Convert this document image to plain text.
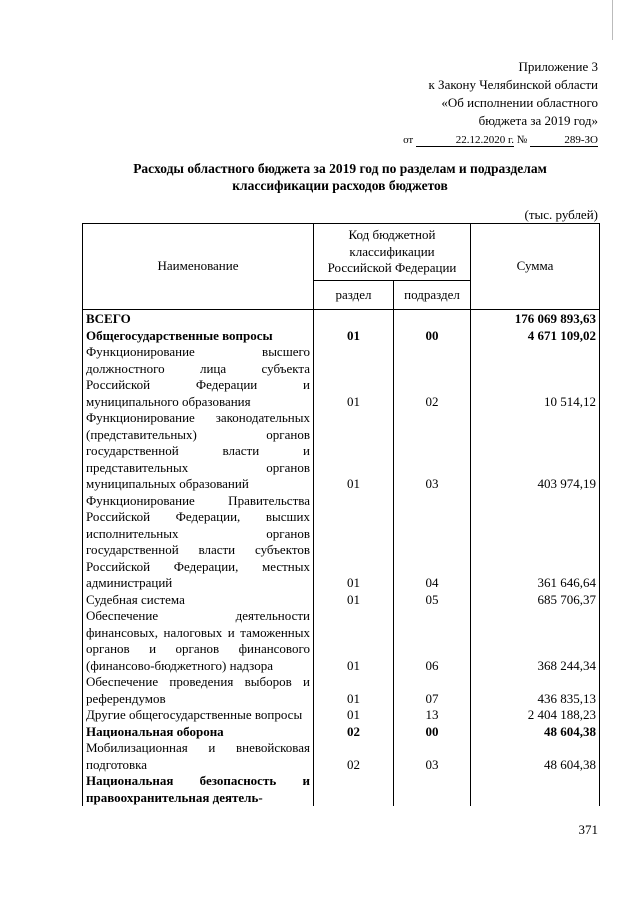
Приложение 3
к Закону Челябинской области
«Об исполнении областного
бюджета за 2019 год»
от	22.12.2020 г. №	289-ЗО
Расходы областного бюджета за 2019 год по разделам и подразделам
классификации расходов бюджетов
(тыс. рублей)
Наименование	Код бюджетной классификации Российской Федерации		Сумма
	раздел	подраздел	
ВСЕГО			176 069 893,63
Общегосударственные вопросы	01	00	4 671 109,02
Функционирование высшего должностного лица субъекта Российской Федерации и муниципального образования	01	02	10 514,12
Функционирование законодательных (представительных) органов государственной власти и представительных органов муниципальных образований	01	03	403 974,19
Функционирование Правительства Российской Федерации, высших исполнительных органов государственной власти субъектов Российской Федерации, местных администраций	01	04	361 646,64
Судебная система	01	05	685 706,37
Обеспечение деятельности финансовых, налоговых и таможенных органов и органов финансового (финансово-бюджетного) надзора	01	06	368 244,34
Обеспечение проведения выборов и референдумов	01	07	436 835,13
Другие общегосударственные вопросы	01	13	2 404 188,23
Национальная оборона	02	00	48 604,38
Мобилизационная и вневойсковая подготовка	02	03	48 604,38
Национальная безопасность и правоохранительная деятель-			
371
